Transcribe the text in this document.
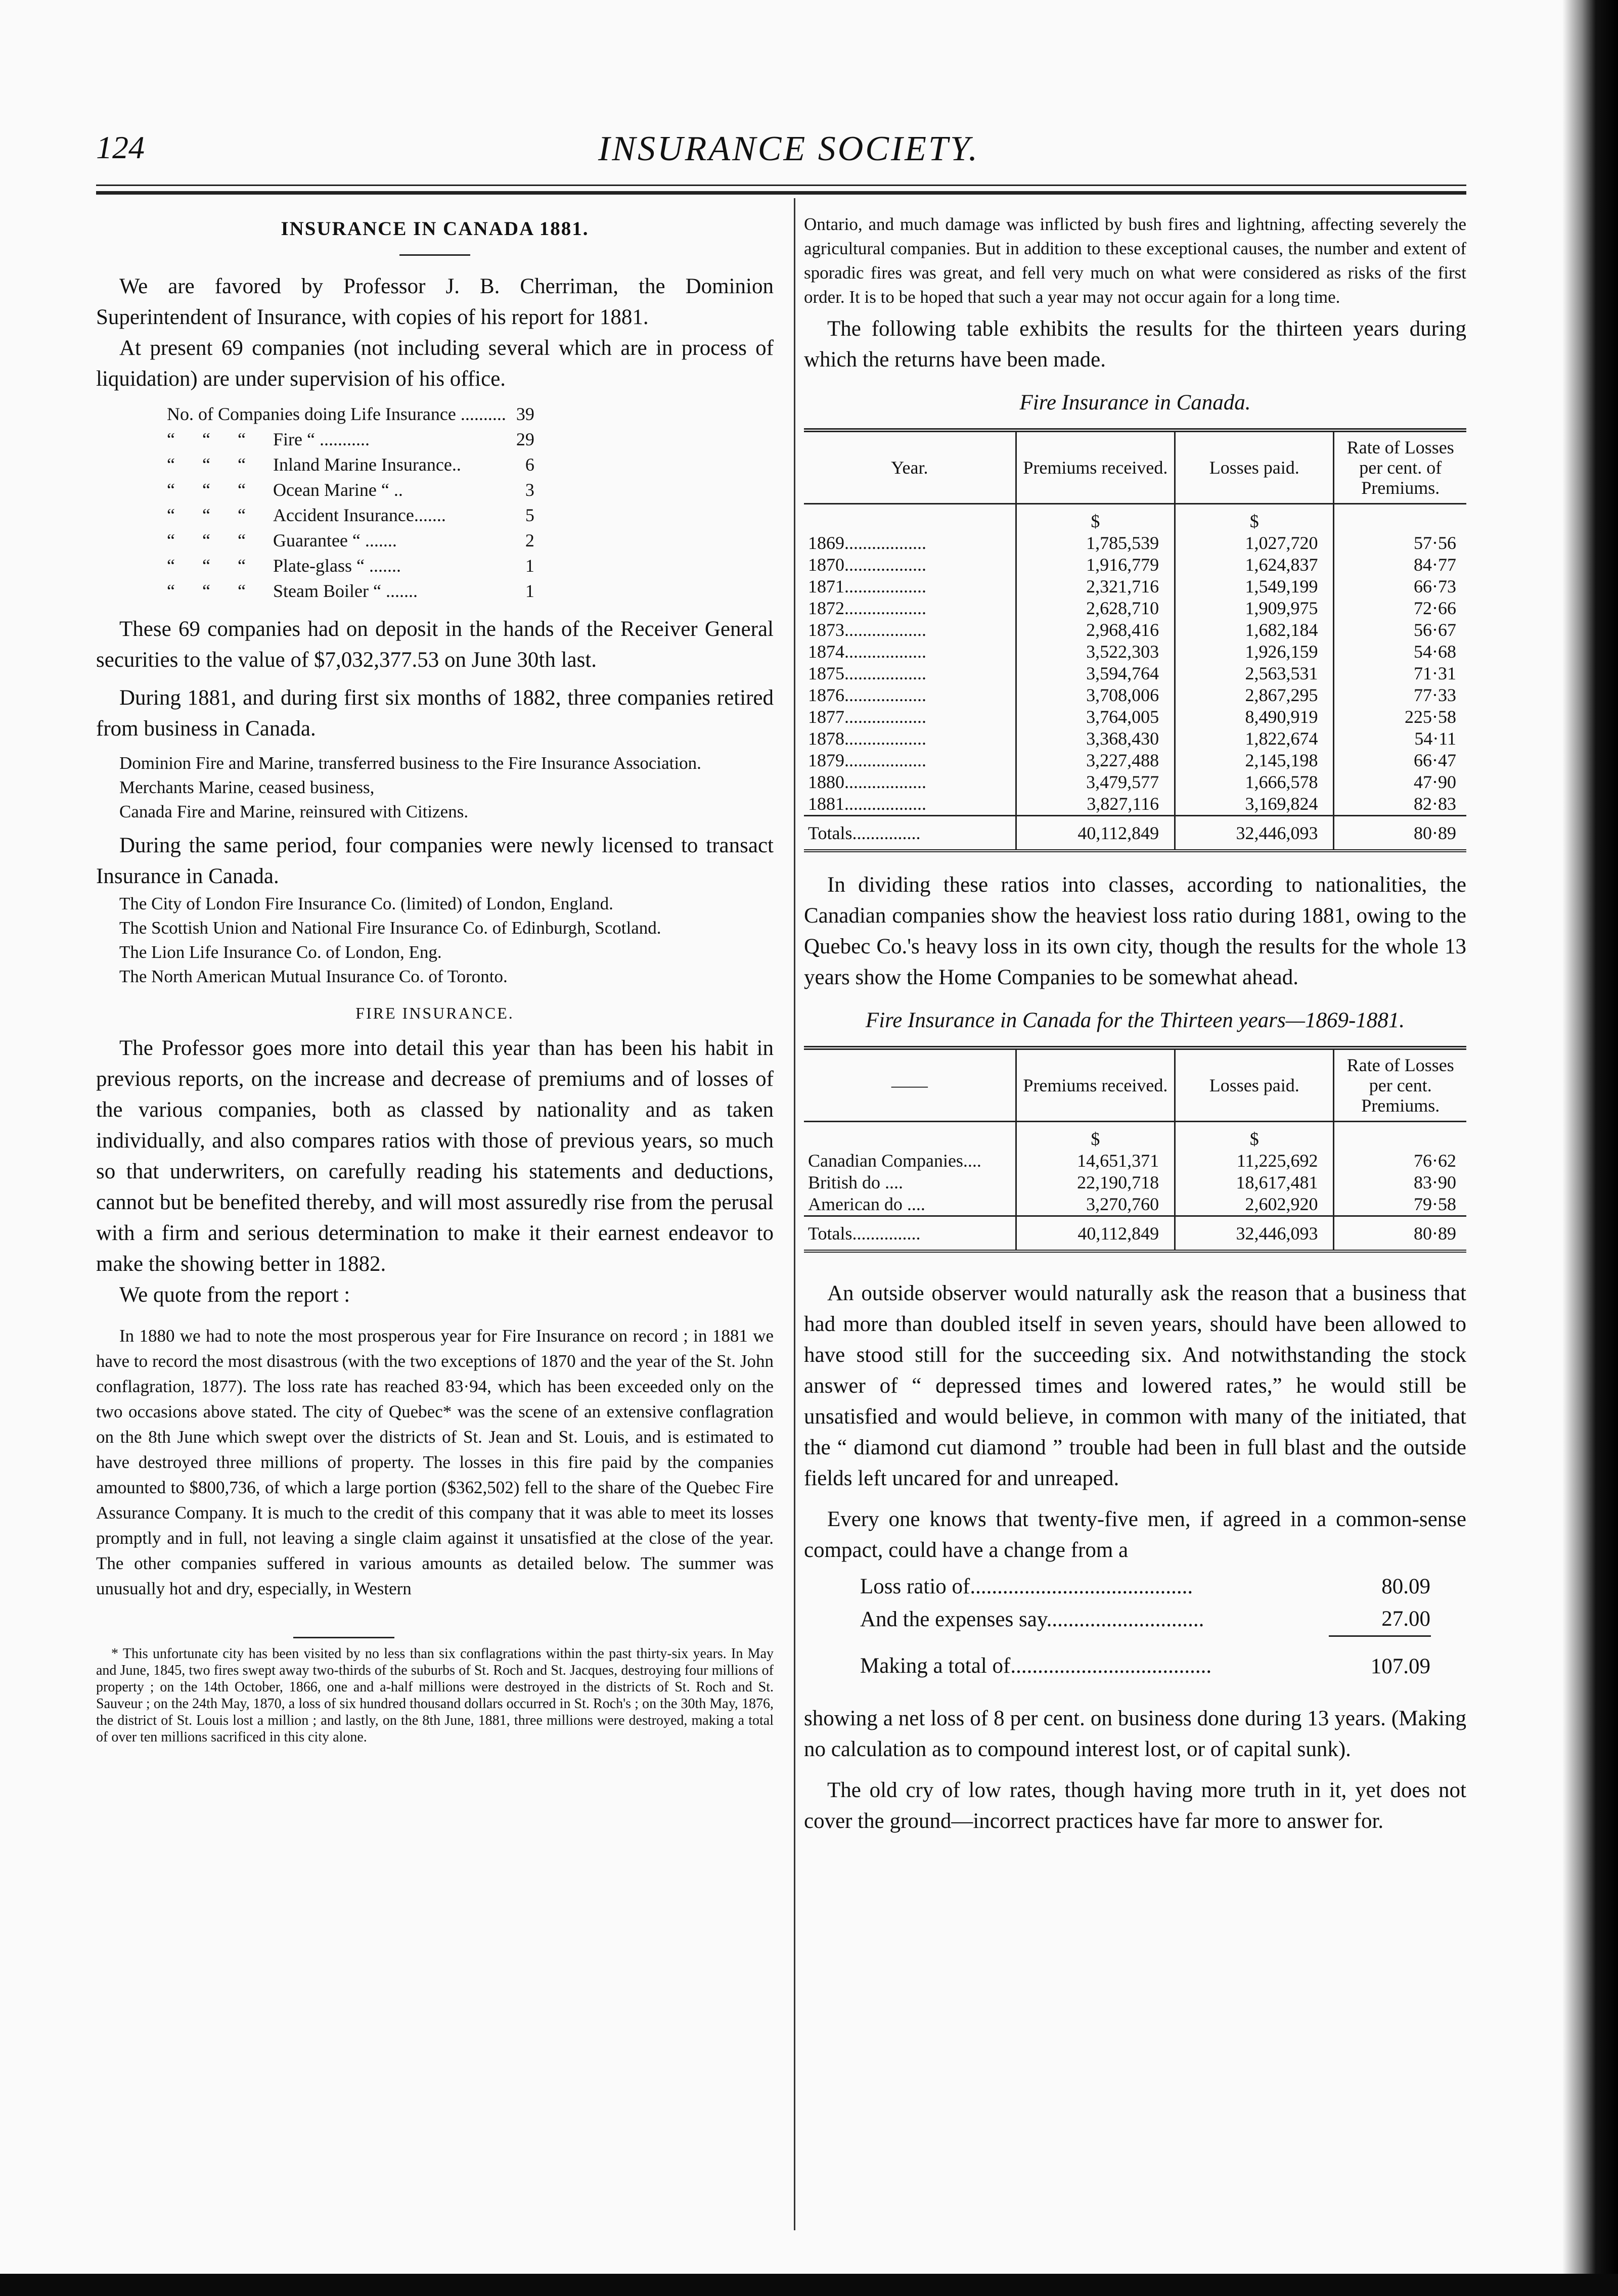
124	INSURANCE SOCIETY.

INSURANCE IN CANADA 1881.

We are favored by Professor J. B. Cherriman, the Dominion Superintendent of Insurance, with copies of his report for 1881.

At present 69 companies (not including several which are in process of liquidation) are under supervision of his office.

No. of Companies doing Life Insurance ..........				39
“	“	“	Fire “ ...........	29
“	“	“	Inland Marine Insurance..	6
“	“	“	Ocean Marine “ ..	3
“	“	“	Accident Insurance.......	5
“	“	“	Guarantee “ .......	2
“	“	“	Plate-glass “ .......	1
“	“	“	Steam Boiler “ .......	1

These 69 companies had on deposit in the hands of the Receiver General securities to the value of $7,032,377.53 on June 30th last.

During 1881, and during first six months of 1882, three companies retired from business in Canada.

Dominion Fire and Marine, transferred business to the Fire Insurance Association.

Merchants Marine, ceased business,

Canada Fire and Marine, reinsured with Citizens.

During the same period, four companies were newly licensed to transact Insurance in Canada.

The City of London Fire Insurance Co. (limited) of London, England.

The Scottish Union and National Fire Insurance Co. of Edinburgh, Scotland.

The Lion Life Insurance Co. of London, Eng.

The North American Mutual Insurance Co. of Toronto.

FIRE INSURANCE.

The Professor goes more into detail this year than has been his habit in previous reports, on the increase and decrease of premiums and of losses of the various companies, both as classed by nationality and as taken individually, and also compares ratios with those of previous years, so much so that underwriters, on carefully reading his statements and deductions, cannot but be benefited thereby, and will most assuredly rise from the perusal with a firm and serious determination to make it their earnest endeavor to make the showing better in 1882.

We quote from the report :

In 1880 we had to note the most prosperous year for Fire Insurance on record ; in 1881 we have to record the most disastrous (with the two exceptions of 1870 and the year of the St. John conflagration, 1877). The loss rate has reached 83·94, which has been exceeded only on the two occasions above stated. The city of Quebec* was the scene of an extensive conflagration on the 8th June which swept over the districts of St. Jean and St. Louis, and is estimated to have destroyed three millions of property. The losses in this fire paid by the companies amounted to $800,736, of which a large portion ($362,502) fell to the share of the Quebec Fire Assurance Company. It is much to the credit of this company that it was able to meet its losses promptly and in full, not leaving a single claim against it unsatisfied at the close of the year. The other companies suffered in various amounts as detailed below. The summer was unusually hot and dry, especially, in Western

* This unfortunate city has been visited by no less than six conflagrations within the past thirty-six years. In May and June, 1845, two fires swept away two-thirds of the suburbs of St. Roch and St. Jacques, destroying four millions of property ; on the 14th October, 1866, one and a-half millions were destroyed in the districts of St. Roch and St. Sauveur ; on the 24th May, 1870, a loss of six hundred thousand dollars occurred in St. Roch's ; on the 30th May, 1876, the district of St. Louis lost a million ; and lastly, on the 8th June, 1881, three millions were destroyed, making a total of over ten millions sacrificed in this city alone.

Ontario, and much damage was inflicted by bush fires and lightning, affecting severely the agricultural companies. But in addition to these exceptional causes, the number and extent of sporadic fires was great, and fell very much on what were considered as risks of the first order. It is to be hoped that such a year may not occur again for a long time.

The following table exhibits the results for the thirteen years during which the returns have been made.

Fire Insurance in Canada.

Year.	Premiums received.	Losses paid.	Rate of Losses per cent. of Premiums.
	$	$	
1869..................	1,785,539	1,027,720	57·56
1870..................	1,916,779	1,624,837	84·77
1871..................	2,321,716	1,549,199	66·73
1872..................	2,628,710	1,909,975	72·66
1873..................	2,968,416	1,682,184	56·67
1874..................	3,522,303	1,926,159	54·68
1875..................	3,594,764	2,563,531	71·31
1876..................	3,708,006	2,867,295	77·33
1877..................	3,764,005	8,490,919	225·58
1878..................	3,368,430	1,822,674	54·11
1879..................	3,227,488	2,145,198	66·47
1880..................	3,479,577	1,666,578	47·90
1881..................	3,827,116	3,169,824	82·83
Totals...............	40,112,849	32,446,093	80·89

In dividing these ratios into classes, according to nationalities, the Canadian companies show the heaviest loss ratio during 1881, owing to the Quebec Co.'s heavy loss in its own city, though the results for the whole 13 years show the Home Companies to be somewhat ahead.

Fire Insurance in Canada for the Thirteen years—1869-1881.

——	Premiums received.	Losses paid.	Rate of Losses per cent. Premiums.
	$	$	
Canadian Companies....	14,651,371	11,225,692	76·62
British do ....	22,190,718	18,617,481	83·90
American do ....	3,270,760	2,602,920	79·58
Totals...............	40,112,849	32,446,093	80·89

An outside observer would naturally ask the reason that a business that had more than doubled itself in seven years, should have been allowed to have stood still for the succeeding six. And notwithstanding the stock answer of “ depressed times and lowered rates,” he would still be unsatisfied and would believe, in common with many of the initiated, that the “ diamond cut diamond ” trouble had been in full blast and the outside fields left uncared for and unreaped.

Every one knows that twenty-five men, if agreed in a common-sense compact, could have a change from a

Loss ratio of.........................................	80.09
And the expenses say.............................	27.00
Making a total of.....................................	107.09

showing a net loss of 8 per cent. on business done during 13 years. (Making no calculation as to compound interest lost, or of capital sunk).

The old cry of low rates, though having more truth in it, yet does not cover the ground—incorrect practices have far more to answer for.
